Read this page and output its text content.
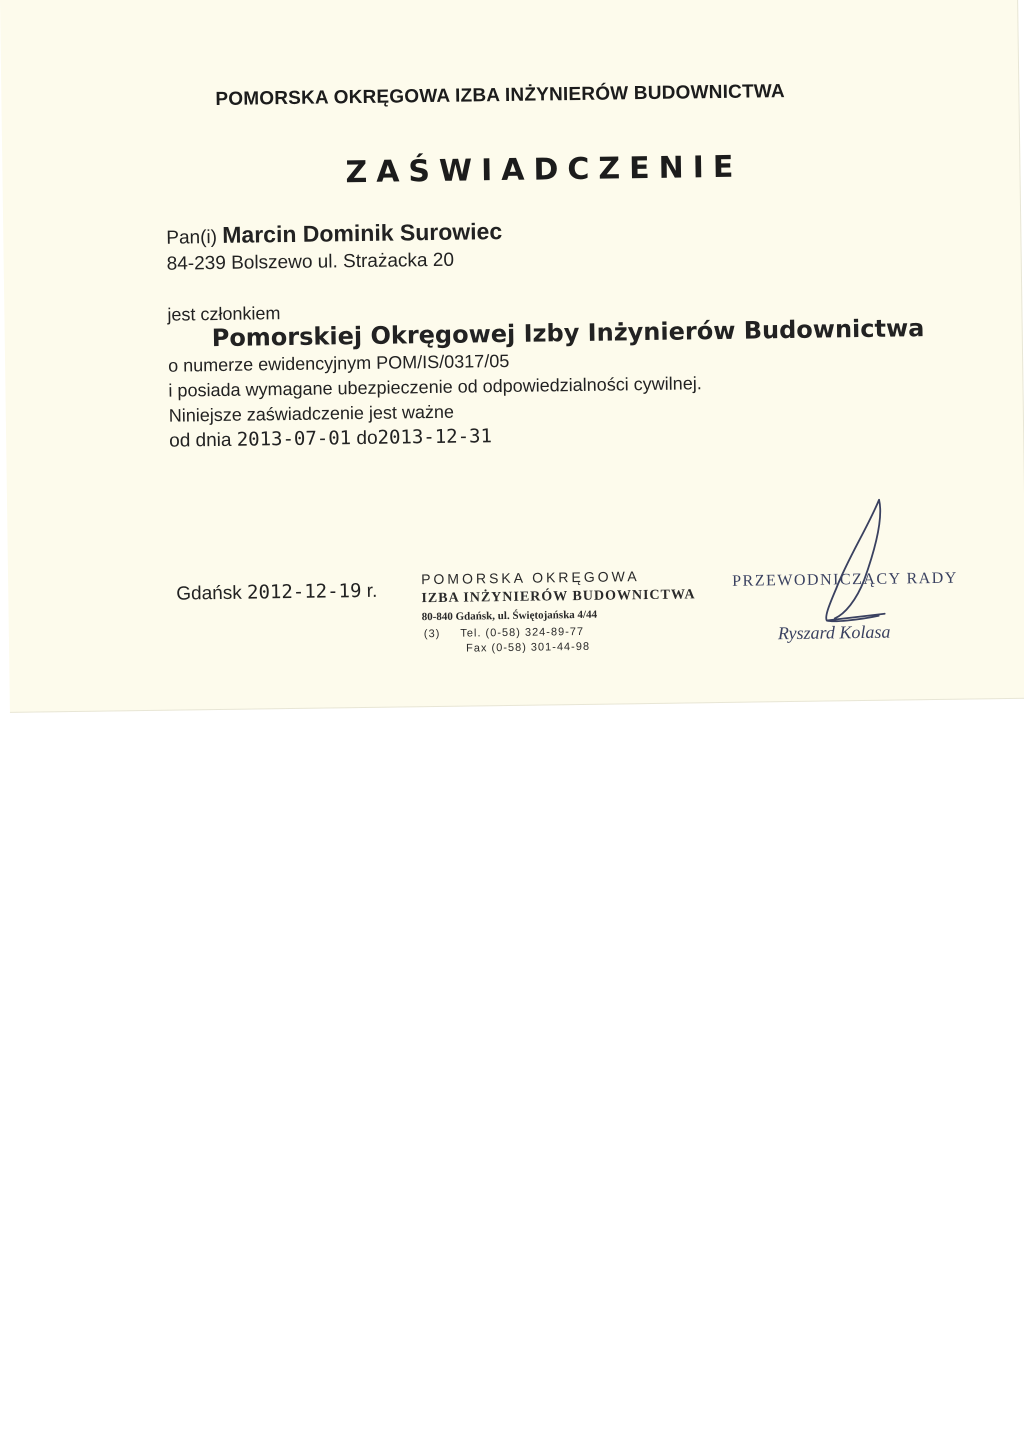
POMORSKA OKRĘGOWA IZBA INŻYNIERÓW BUDOWNICTWA
ZAŚWIADCZENIE
Pan(i) Marcin Dominik Surowiec
84-239 Bolszewo ul. Strażacka 20
jest członkiem
Pomorskiej Okręgowej Izby Inżynierów Budownictwa
o numerze ewidencyjnym POM/IS/0317/05
i posiada wymagane ubezpieczenie od odpowiedzialności cywilnej.
Niniejsze zaświadczenie jest ważne
od dnia 2013-07-01 do2013-12-31
Gdańsk 2012-12-19 r.
POMORSKA OKRĘGOWA
IZBA INŻYNIERÓW BUDOWNICTWA
80-840 Gdańsk, ul. Świętojańska 4/44
(3) Tel. (0-58) 324-89-77
Fax (0-58) 301-44-98
PRZEWODNICZĄCY RADY
Ryszard Kolasa
